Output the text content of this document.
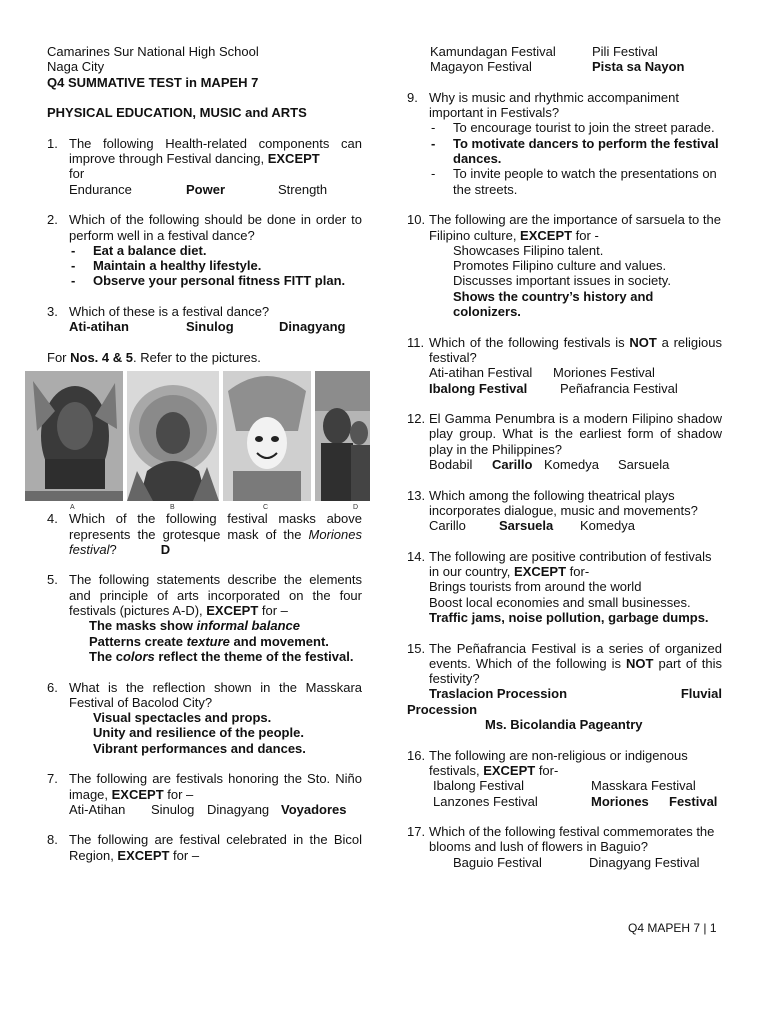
Camarines Sur National High School
Naga City
Q4 SUMMATIVE TEST in MAPEH 7
PHYSICAL EDUCATION, MUSIC and ARTS
1. The following Health-related components can improve through Festival dancing, EXCEPT
for
Endurance	Power	Strength
2. Which of the following should be done in order to perform well in a festival dance?
- Eat a balance diet.
- Maintain a healthy lifestyle.
- Observe your personal fitness FITT plan.
3. Which of these is a festival dance?
Ati-atihan	Sinulog	Dinagyang
For Nos. 4 & 5. Refer to the pictures.
A	B	C	D
4. Which of the following festival masks above represents the grotesque mask of the Moriones festival?	D
5. The following statements describe the elements and principle of arts incorporated on the four festivals (pictures A-D), EXCEPT for –
The masks show informal balance
Patterns create texture and movement.
The colors reflect the theme of the festival.
6. What is the reflection shown in the Masskara Festival of Bacolod City?
Visual spectacles and props.
Unity and resilience of the people.
Vibrant performances and dances.
7. The following are festivals honoring the Sto. Niño image, EXCEPT for –
Ati-Atihan	Sinulog Dinagyang Voyadores
8. The following are festival celebrated in the Bicol Region, EXCEPT for –
Kamundagan Festival	Pili Festival
Magayon Festival	Pista sa Nayon
9. Why is music and rhythmic accompaniment important in Festivals?
- To encourage tourist to join the street parade.
- To motivate dancers to perform the festival dances.
- To invite people to watch the presentations on the streets.
10. The following are the importance of sarsuela to the Filipino culture, EXCEPT for -
Showcases Filipino talent.
Promotes Filipino culture and values.
Discusses important issues in society.
Shows the country’s history and colonizers.
11. Which of the following festivals is NOT a religious festival?
Ati-atihan Festival	Moriones Festival
Ibalong Festival	Peñafrancia Festival
12. El Gamma Penumbra is a modern Filipino shadow play group. What is the earliest form of shadow play in the Philippines?
Bodabil	Carillo Komedya	Sarsuela
13. Which among the following theatrical plays incorporates dialogue, music and movements?
Carillo	Sarsuela	Komedya
14. The following are positive contribution of festivals in our country, EXCEPT for-
Brings tourists from around the world
Boost local economies and small businesses.
Traffic jams, noise pollution, garbage dumps.
15. The Peñafrancia Festival is a series of organized events. Which of the following is NOT part of this festivity?
Traslacion Procession	Fluvial
Procession
Ms. Bicolandia Pageantry
16. The following are non-religious or indigenous festivals, EXCEPT for-
Ibalong Festival	Masskara Festival
Lanzones Festival	Moriones	Festival
17. Which of the following festival commemorates the blooms and lush of flowers in Baguio?
Baguio Festival	Dinagyang Festival
Q4 MAPEH 7 | 1
